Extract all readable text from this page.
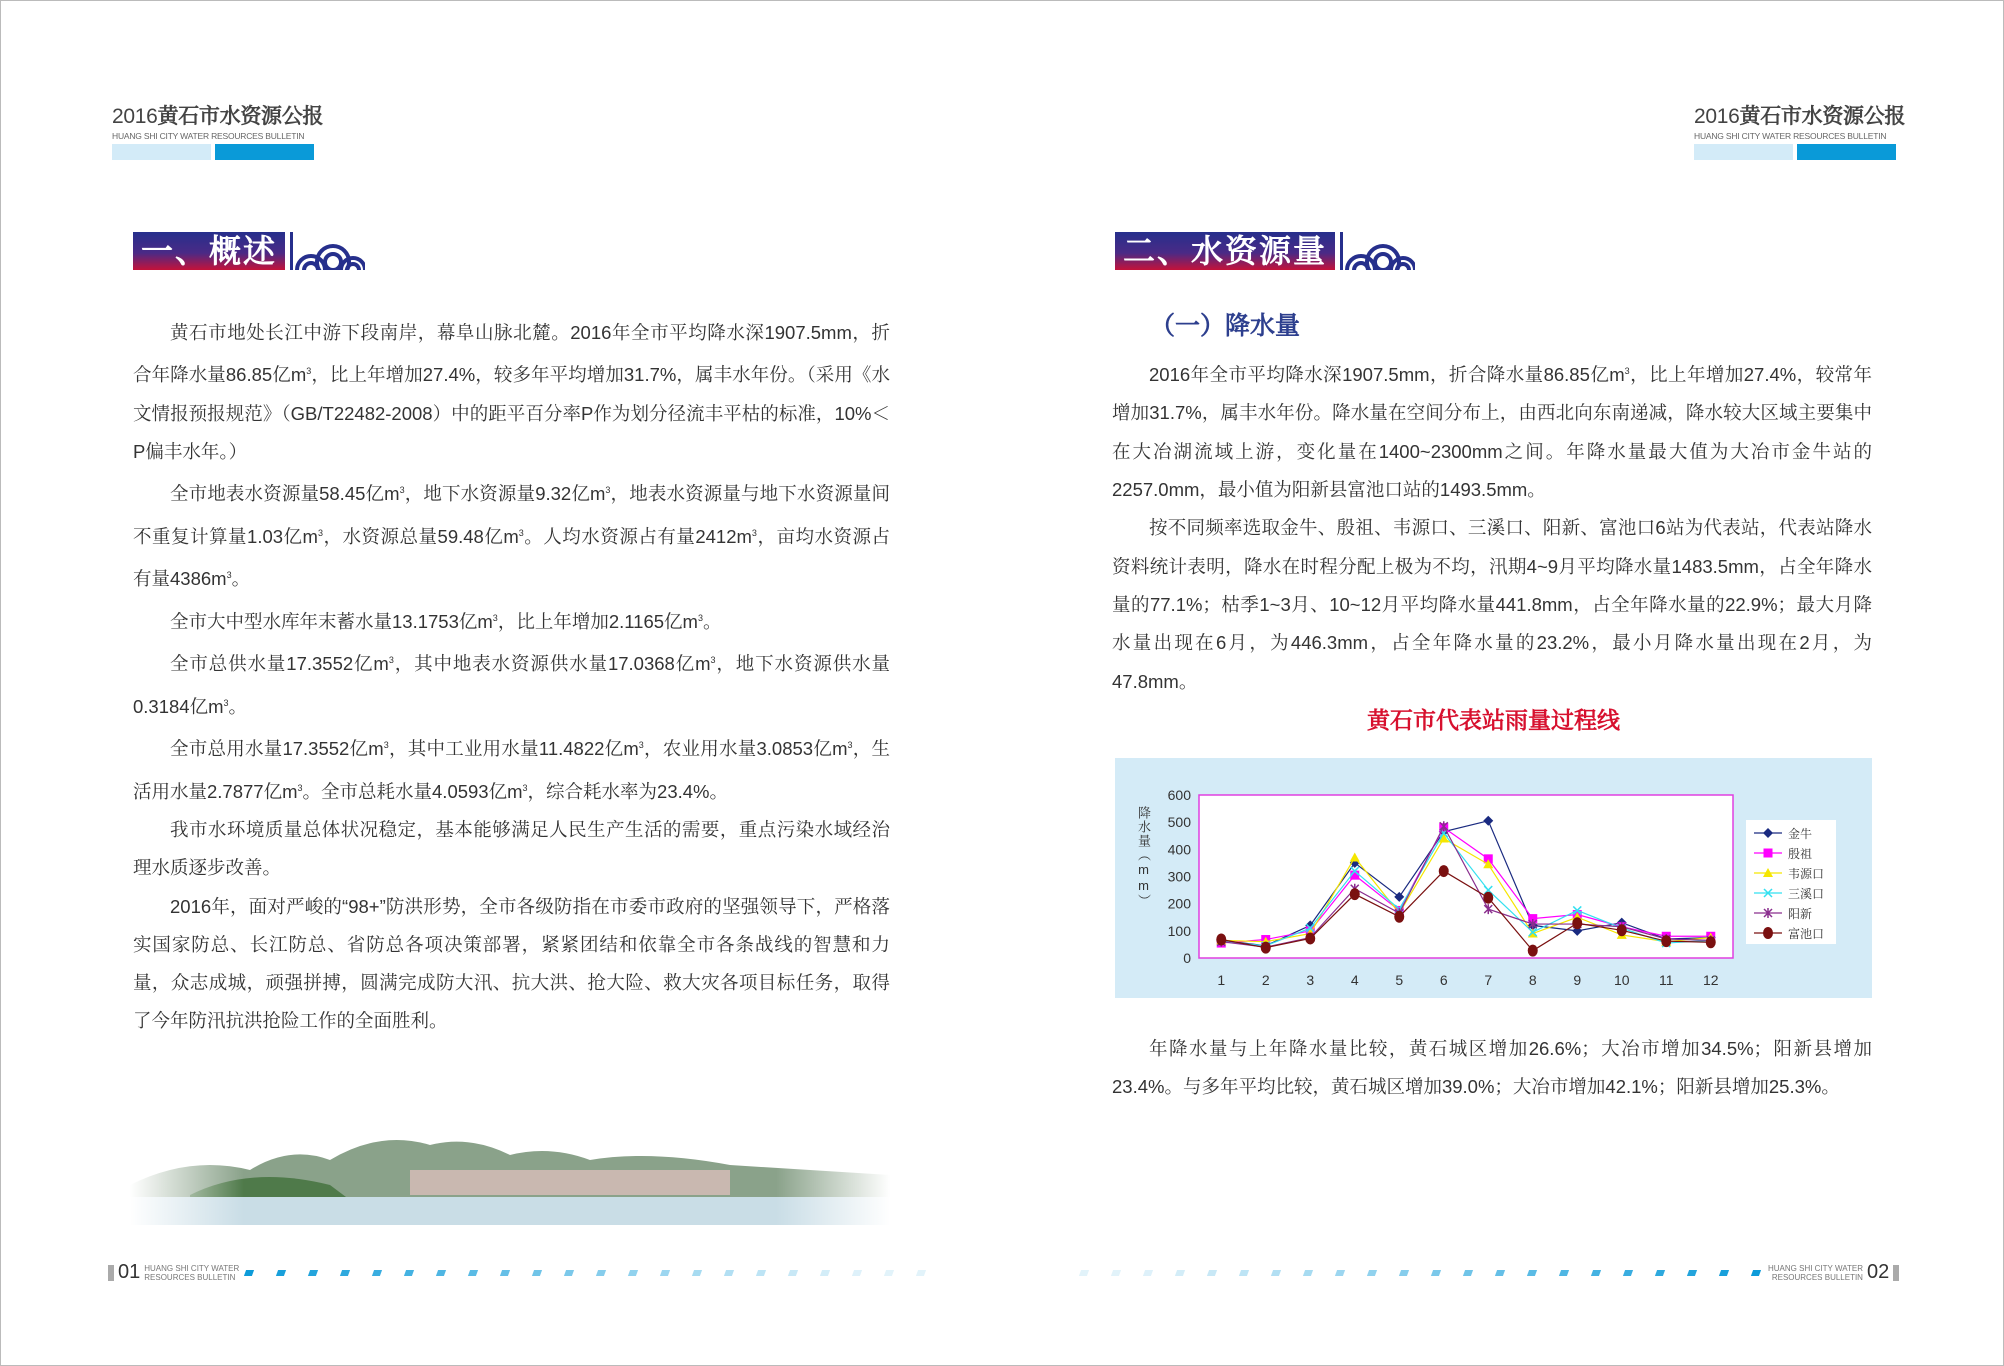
2016黄石市水资源公报
HUANG SHI CITY WATER RESOURCES BULLETIN
2016黄石市水资源公报
HUANG SHI CITY WATER RESOURCES BULLETIN
一、概述

黄石市地处长江中游下段南岸，幕阜山脉北麓。2016年全市平均降水深1907.5mm，折合年降水量86.85亿$m^3$，比上年增加27.4%，较多年平均增加31.7%，属丰水年份。（采用《水文情报预报规范》（GB/T22482-2008）中的距平百分率P作为划分径流丰平枯的标准，10%＜P偏丰水年。）

全市地表水资源量58.45亿$m^3$，地下水资源量9.32亿$m^3$，地表水资源量与地下水资源量间不重复计算量1.03亿$m^3$，水资源总量59.48亿$m^3$。人均水资源占有量$2412m^3$，亩均水资源占有量$4386m^3$。

全市大中型水库年末蓄水量13.1753亿$m^3$，比上年增加2.1165亿$m^3$。

全市总供水量17.3552亿$m^3$，其中地表水资源供水量17.0368亿$m^3$，地下水资源供水量0.3184亿$m^3$。

全市总用水量17.3552亿$m^3$，其中工业用水量11.4822亿$m^3$，农业用水量3.0853亿$m^3$，生活用水量2.7877亿$m^3$。全市总耗水量4.0593亿$m^3$，综合耗水率为23.4%。

我市水环境质量总体状况稳定，基本能够满足人民生产生活的需要，重点污染水域经治理水质逐步改善。

2016年，面对严峻的“98+”防洪形势，全市各级防指在市委市政府的坚强领导下，严格落实国家防总、长江防总、省防总各项决策部署，紧紧团结和依靠全市各条战线的智慧和力量，众志成城，顽强拼搏，圆满完成防大汛、抗大洪、抢大险、救大灾各项目标任务，取得了今年防汛抗洪抢险工作的全面胜利。

01 HUANG SHI CITY WATER
RESOURCES BULLETIN
HUANG SHI CITY WATER
RESOURCES BULLETIN 02
二、水资源量
（一）降水量

2016年全市平均降水深1907.5mm，折合降水量86.85亿$m^3$，比上年增加27.4%，较常年增加31.7%，属丰水年份。降水量在空间分布上，由西北向东南递减，降水较大区域主要集中在大冶湖流域上游，变化量在1400~2300mm之间。年降水量最大值为大冶市金牛站的2257.0mm，最小值为阳新县富池口站的1493.5mm。

按不同频率选取金牛、殷祖、韦源口、三溪口、阳新、富池口6站为代表站，代表站降水资料统计表明，降水在时程分配上极为不均，汛期4~9月平均降水量1483.5mm，占全年降水量的77.1%；枯季1~3月、10~12月平均降水量441.8mm，占全年降水量的22.9%；最大月降水量出现在6月，为446.3mm，占全年降水量的23.2%，最小月降水量出现在2月，为47.8mm。

黄石市代表站雨量过程线
0
100
200
300
400
500
600
1	2	3	4	5	6	7	8	9 10 11 12
金牛
殷祖
韦源口
三溪口
阳新
富池口
降水量（mm）

年降水量与上年降水量比较，黄石城区增加26.6%；大冶市增加34.5%；阳新县增加23.4%。与多年平均比较，黄石城区增加39.0%；大冶市增加42.1%；阳新县增加25.3%。
